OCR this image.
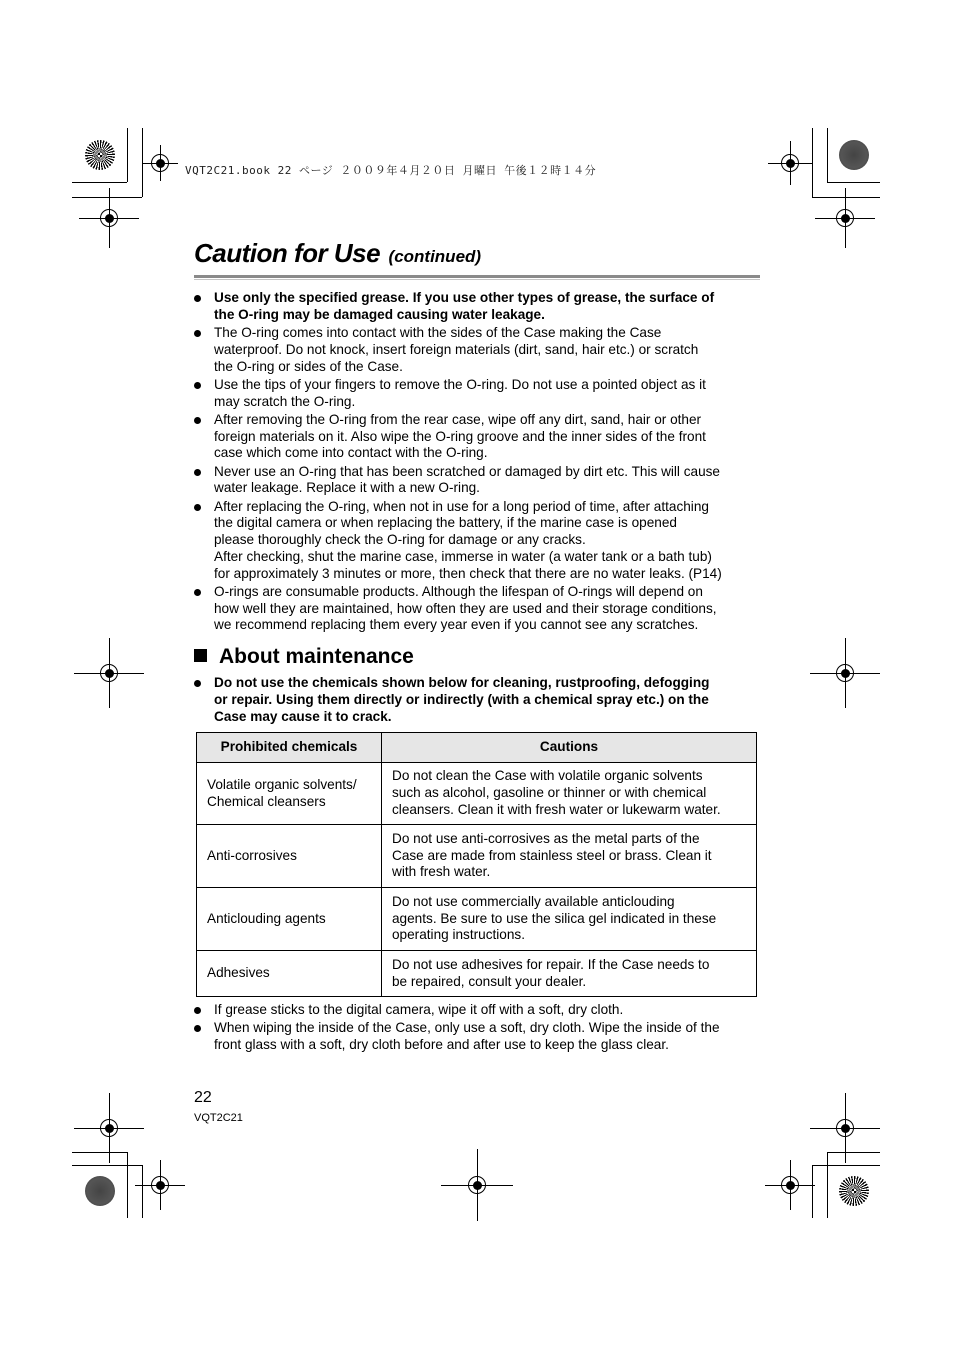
VQT2C21.book 22 ページ ２００９年４月２０日 月曜日 午後１２時１４分
Caution for Use (continued)
Use only the specified grease. If you use other types of grease, the surface of
the O-ring may be damaged causing water leakage.
The O-ring comes into contact with the sides of the Case making the Case
waterproof. Do not knock, insert foreign materials (dirt, sand, hair etc.) or scratch
the O-ring or sides of the Case.
Use the tips of your fingers to remove the O-ring. Do not use a pointed object as it
may scratch the O-ring.
After removing the O-ring from the rear case, wipe off any dirt, sand, hair or other
foreign materials on it. Also wipe the O-ring groove and the inner sides of the front
case which come into contact with the O-ring.
Never use an O-ring that has been scratched or damaged by dirt etc. This will cause
water leakage. Replace it with a new O-ring.
After replacing the O-ring, when not in use for a long period of time, after attaching
the digital camera or when replacing the battery, if the marine case is opened
please thoroughly check the O-ring for damage or any cracks.
After checking, shut the marine case, immerse in water (a water tank or a bath tub)
for approximately 3 minutes or more, then check that there are no water leaks. (P14)
O-rings are consumable products. Although the lifespan of O-rings will depend on
how well they are maintained, how often they are used and their storage conditions,
we recommend replacing them every year even if you cannot see any scratches.
About maintenance
Do not use the chemicals shown below for cleaning, rustproofing, defogging
or repair. Using them directly or indirectly (with a chemical spray etc.) on the
Case may cause it to crack.
Prohibited chemicals	Cautions

Volatile organic solvents/
Chemical cleansers	Do not clean the Case with volatile organic solvents
such as alcohol, gasoline or thinner or with chemical
cleansers. Clean it with fresh water or lukewarm water.

Anti-corrosives	Do not use anti-corrosives as the metal parts of the
Case are made from stainless steel or brass. Clean it
with fresh water.

Anticlouding agents	Do not use commercially available anticlouding
agents. Be sure to use the silica gel indicated in these
operating instructions.

Adhesives	Do not use adhesives for repair. If the Case needs to
be repaired, consult your dealer.
If grease sticks to the digital camera, wipe it off with a soft, dry cloth.
When wiping the inside of the Case, only use a soft, dry cloth. Wipe the inside of the
front glass with a soft, dry cloth before and after use to keep the glass clear.
22
VQT2C21
